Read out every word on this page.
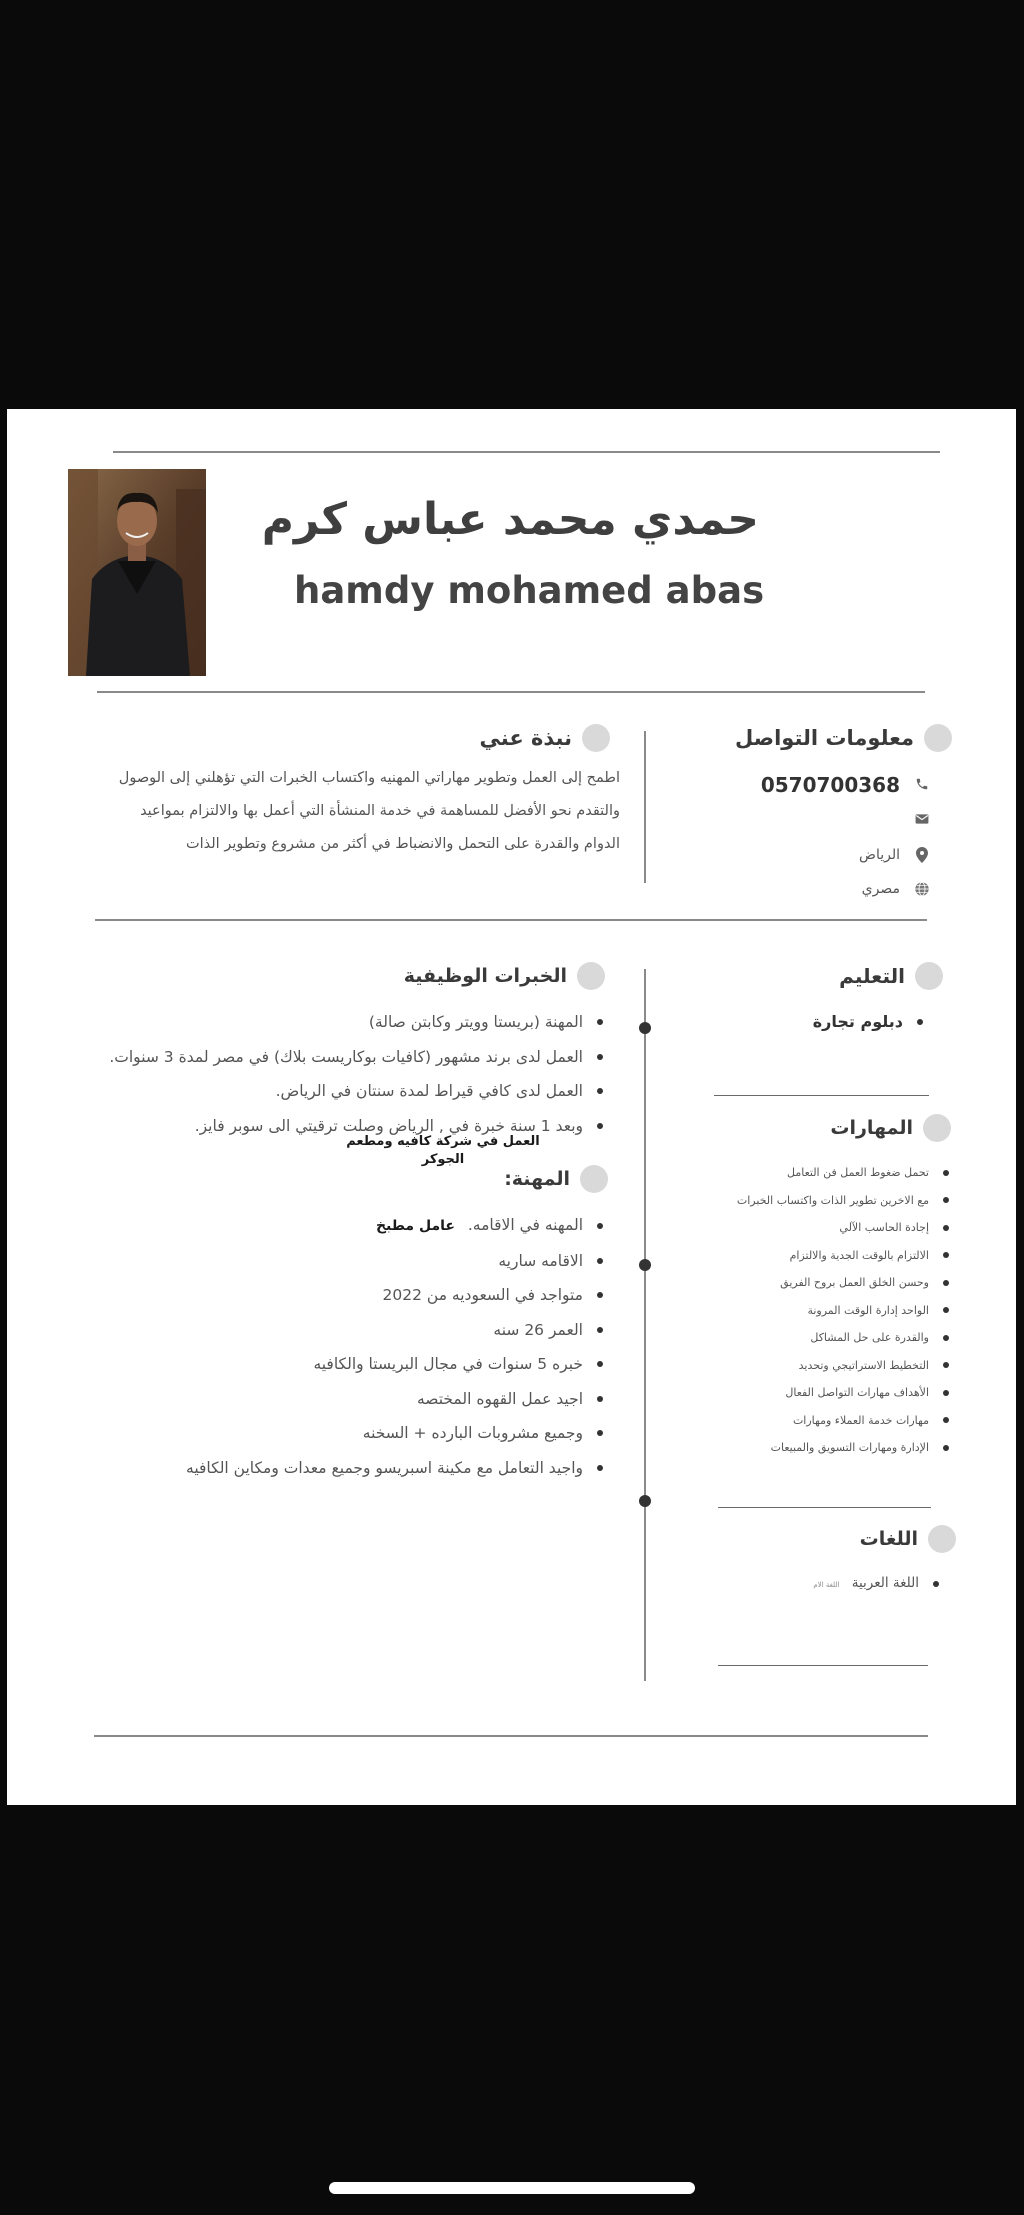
حمدي محمد عباس كرم
hamdy mohamed abas
نبذة عني
اطمح إلى العمل وتطوير مهاراتي المهنيه واكتساب الخبرات التي تؤهلني إلى الوصول
والتقدم نحو الأفضل للمساهمة في خدمة المنشأة التي أعمل بها والالتزام بمواعيد
الدوام والقدرة على التحمل والانضباط في أكثر من مشروع وتطوير الذات
معلومات التواصل
0570700368
الرياض
مصري
الخبرات الوظيفية
المهنة (بريستا وويتر وكابتن صالة)
العمل لدى برند مشهور (كافيات بوكاريست بلاك) في مصر لمدة 3 سنوات.
العمل لدى كافي قيراط لمدة سنتان في الرياض.
وبعد 1 سنة خبرة في , الرياض وصلت ترقيتي الى سوبر فايز.
العمل في شركة كافيه ومطعم
الجوكر
المهنة:
المهنه في الاقامه. عامل مطبخ
الاقامه ساريه
متواجد في السعوديه من 2022
العمر 26 سنه
خبره 5 سنوات في مجال البريستا والكافيه
اجيد عمل القهوه المختصه
وجميع مشروبات البارده + السخنه
واجيد التعامل مع مكينة اسبريسو وجميع معدات ومكاين الكافيه
التعليم
دبلوم تجارة
المهارات
تحمل ضغوط العمل فن التعامل
مع الاخرين تطوير الذات واكتساب الخبرات
إجادة الحاسب الآلي
الالتزام بالوقت الجدية والالتزام
وحسن الخلق العمل بروح الفريق
الواحد إدارة الوقت المرونة
والقدرة على حل المشاكل
التخطيط الاستراتيجي وتحديد
الأهداف مهارات التواصل الفعال
مهارات خدمة العملاء ومهارات
الإدارة ومهارات التسويق والمبيعات
اللغات
اللغة العربية اللغة الام
